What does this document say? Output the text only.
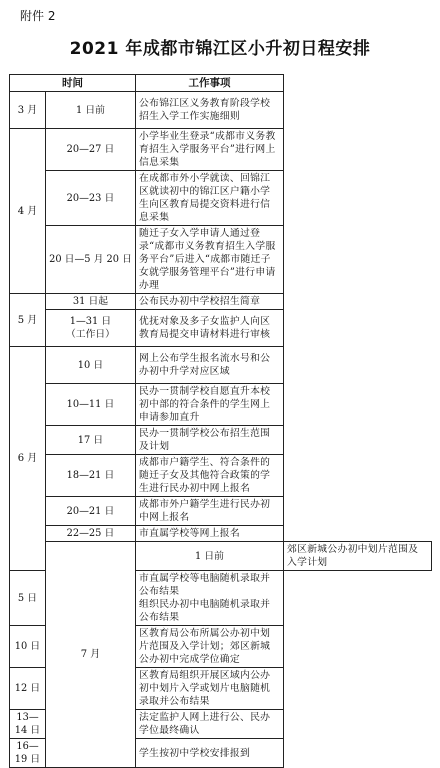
附件 2
2021 年成都市锦江区小升初日程安排
时间		工作事项	
3 月	1 日前	公布锦江区义务教育阶段学校招生入学工作实施细则	
4 月	20—27 日	小学毕业生登录“成都市义务教育招生入学服务平台”进行网上信息采集	
	20—23 日	在成都市外小学就读、回锦江区就读初中的锦江区户籍小学生向区教育局提交资料进行信息采集	
	20 日—5 月 20 日	随迁子女入学申请人通过登录“成都市义务教育招生入学服务平台”后进入“成都市随迁子女就学服务管理平台”进行申请办理	
5 月	31 日起	公布民办初中学校招生简章	
	1—31 日
（工作日）	优抚对象及多子女监护人向区教育局提交申请材料进行审核	
6 月	10 日	网上公布学生报名流水号和公办初中升学对应区域	
	10—11 日	民办一贯制学校自愿直升本校初中部的符合条件的学生网上申请参加直升	
	17 日	民办一贯制学校公布招生范围及计划	
	18—21 日	成都市户籍学生、符合条件的随迁子女及其他符合政策的学生进行民办初中网上报名	
	20—21 日	成都市外户籍学生进行民办初中网上报名	
	22—25 日	市直属学校等网上报名	
	7 月	1 日前	郊区新城公办初中划片范围及入学计划
5 日		市直属学校等电脑随机录取并公布结果
组织民办初中电脑随机录取并公布结果	
10 日		区教育局公布所属公办初中划片范围及入学计划；郊区新城公办初中完成学位确定	
12 日		区教育局组织开展区域内公办初中划片入学或划片电脑随机录取并公布结果	
13—14 日		法定监护人网上进行公、民办学位最终确认	
16—19 日		学生按初中学校安排报到	
